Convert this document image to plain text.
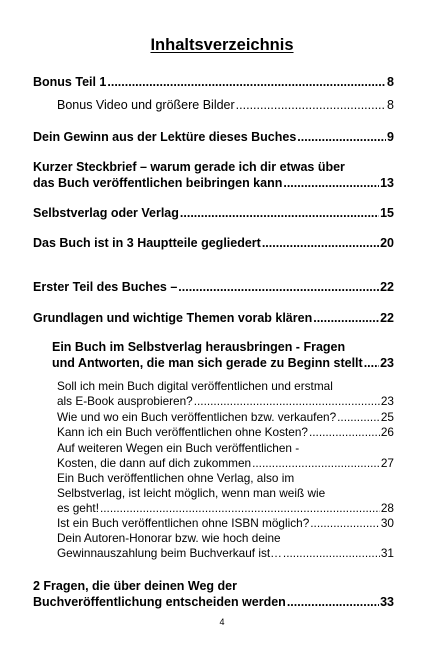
Inhaltsverzeichnis
Bonus Teil 1 .....	8
Bonus Video und größere Bilder .....	8
Dein Gewinn aus der Lektüre dieses Buches .....	9
Kurzer Steckbrief – warum gerade ich dir etwas über
das Buch veröffentlichen beibringen kann .....	13
Selbstverlag oder Verlag .....	15
Das Buch ist in 3 Hauptteile gegliedert .....	20
Erster Teil des Buches – .....	22
Grundlagen und wichtige Themen vorab klären .....	22
Ein Buch im Selbstverlag herausbringen - Fragen
und Antworten, die man sich gerade zu Beginn stellt ..... 23
Soll ich mein Buch digital veröffentlichen und erstmal
als E-Book ausprobieren? .....	23
Wie und wo ein Buch veröffentlichen bzw. verkaufen? .....	25
Kann ich ein Buch veröffentlichen ohne Kosten? .....	26
Auf weiteren Wegen ein Buch veröffentlichen -
Kosten, die dann auf dich zukommen .....	27
Ein Buch veröffentlichen ohne Verlag, also im
Selbstverlag, ist leicht möglich, wenn man weiß wie
es geht! .....	28
Ist ein Buch veröffentlichen ohne ISBN möglich? .....	30
Dein Autoren-Honorar bzw. wie hoch deine
Gewinnauszahlung beim Buchverkauf ist… .....	31
2 Fragen, die über deinen Weg der
Buchveröffentlichung entscheiden werden .....	33
4
